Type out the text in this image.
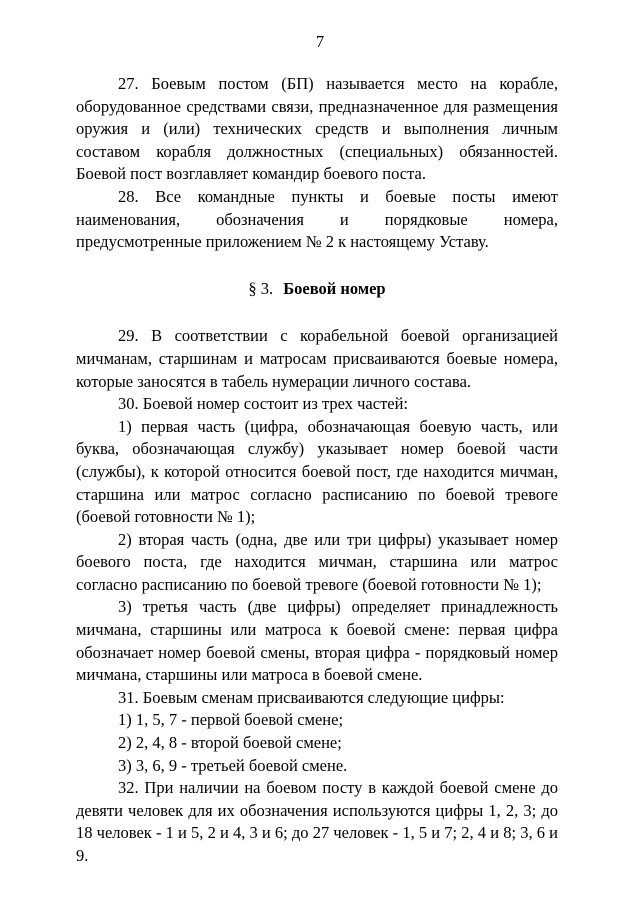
7

27. Боевым постом (БП) называется место на корабле, оборудованное средствами связи, предназначенное для размещения оружия и (или) технических средств и выполнения личным составом корабля должностных (специальных) обязанностей. Боевой пост возглавляет командир боевого поста.

28. Все командные пункты и боевые посты имеют наименования, обозначения и порядковые номера, предусмотренные приложением № 2 к настоящему Уставу.

§ 3. Боевой номер

29. В соответствии с корабельной боевой организацией мичманам, старшинам и матросам присваиваются боевые номера, которые заносятся в табель нумерации личного состава.

30. Боевой номер состоит из трех частей:

1) первая часть (цифра, обозначающая боевую часть, или буква, обозначающая службу) указывает номер боевой части (службы), к которой относится боевой пост, где находится мичман, старшина или матрос согласно расписанию по боевой тревоге (боевой готовности № 1);

2) вторая часть (одна, две или три цифры) указывает номер боевого поста, где находится мичман, старшина или матрос согласно расписанию по боевой тревоге (боевой готовности № 1);

3) третья часть (две цифры) определяет принадлежность мичмана, старшины или матроса к боевой смене: первая цифра обозначает номер боевой смены, вторая цифра - порядковый номер мичмана, старшины или матроса в боевой смене.

31. Боевым сменам присваиваются следующие цифры:

1) 1, 5, 7 - первой боевой смене;

2) 2, 4, 8 - второй боевой смене;

3) 3, 6, 9 - третьей боевой смене.

32. При наличии на боевом посту в каждой боевой смене до девяти человек для их обозначения используются цифры 1, 2, 3; до 18 человек - 1 и 5, 2 и 4, 3 и 6; до 27 человек - 1, 5 и 7; 2, 4 и 8; 3, 6 и 9.
